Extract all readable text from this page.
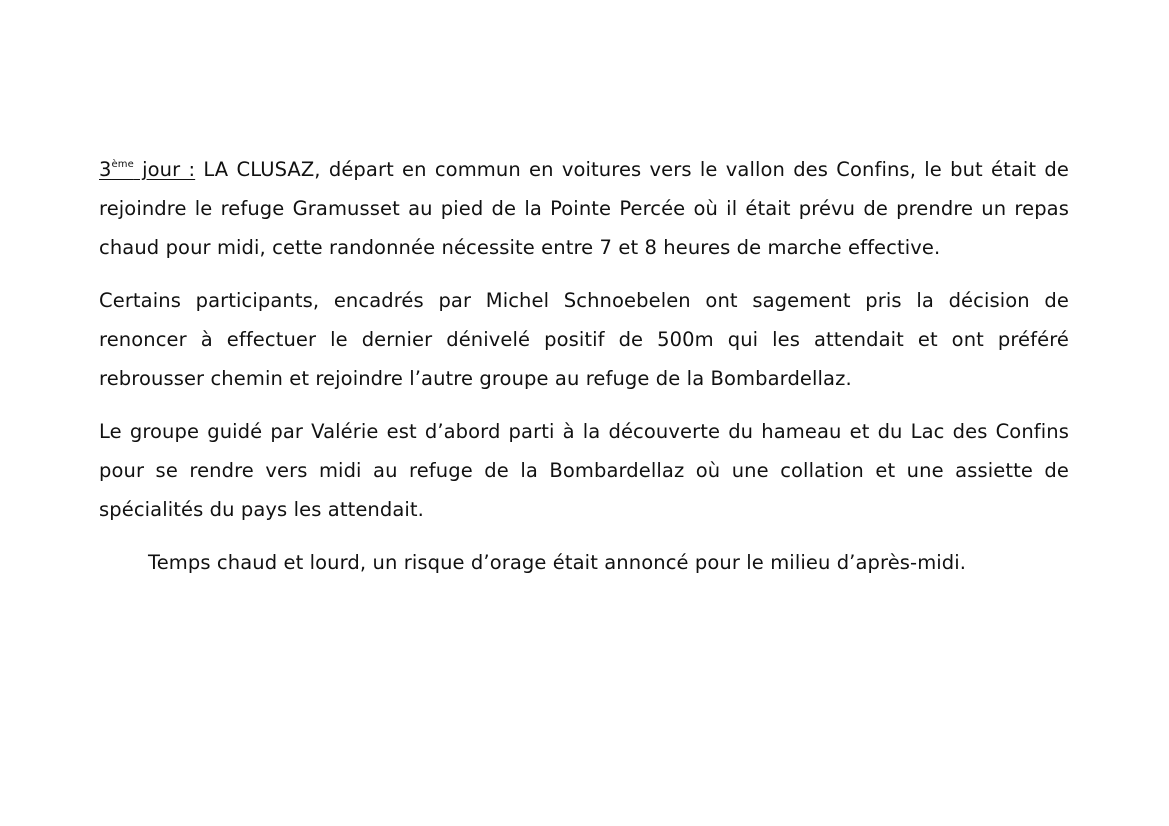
3ème jour : LA CLUSAZ, départ en commun en voitures vers le vallon des Confins, le but était de rejoindre le refuge Gramusset au pied de la Pointe Percée où il était prévu de prendre un repas chaud pour midi, cette randonnée nécessite entre 7 et 8 heures de marche effective.

Certains participants, encadrés par Michel Schnoebelen ont sagement pris la décision de renoncer à effectuer le dernier dénivelé positif de 500m qui les attendait et ont préféré rebrousser chemin et rejoindre l’autre groupe au refuge de la Bombardellaz.

Le groupe guidé par Valérie est d’abord parti à la découverte du hameau et du Lac des Confins pour se rendre vers midi au refuge de la Bombardellaz où une collation et une assiette de spécialités du pays les attendait.

Temps chaud et lourd, un risque d’orage était annoncé pour le milieu d’après-midi.
